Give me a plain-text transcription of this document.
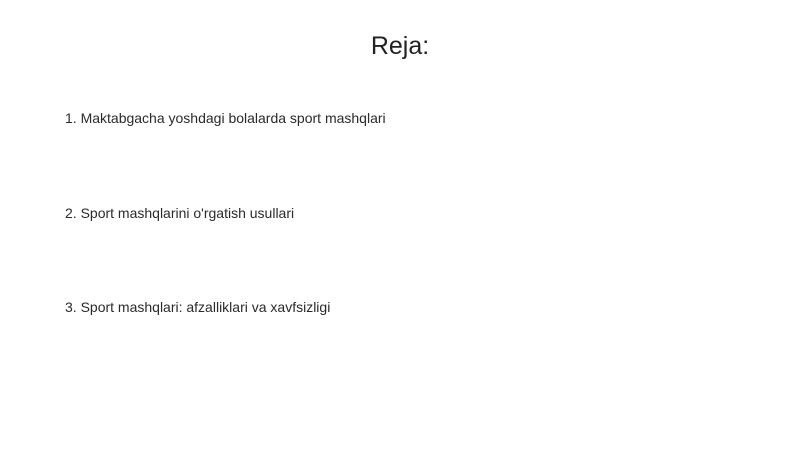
Reja:
1. Maktabgacha yoshdagi bolalarda sport mashqlari
2. Sport mashqlarini o'rgatish usullari
3. Sport mashqlari: afzalliklari va xavfsizligi
